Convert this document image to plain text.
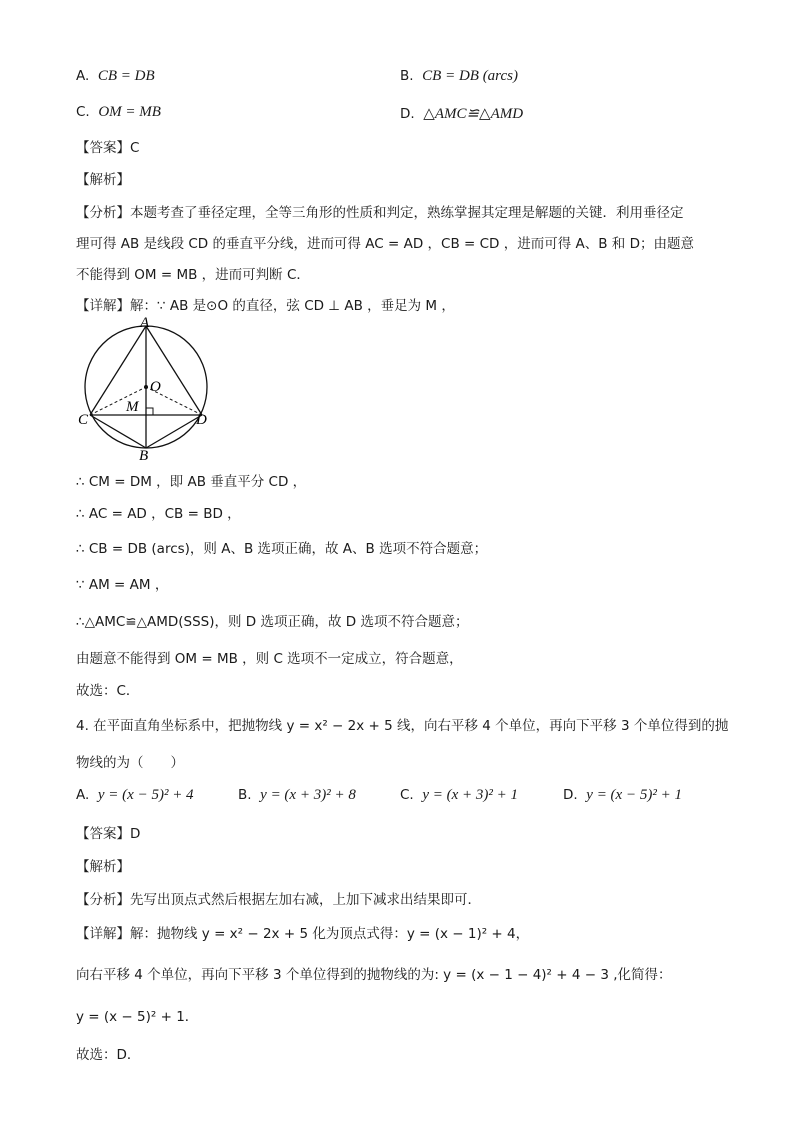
A. CB = DB	B. CB = DB (arcs)
C. OM = MB	D. △AMC≌△AMD
【答案】C
【解析】
【分析】本题考查了垂径定理，全等三角形的性质和判定，熟练掌握其定理是解题的关键．利用垂径定
理可得 AB 是线段 CD 的垂直平分线，进而可得 AC = AD ，CB = CD ，进而可得 A、B 和 D；由题意
不能得到 OM = MB ，进而可判断 C．
【详解】解：∵ AB 是⊙O 的直径，弦 CD ⊥ AB ，垂足为 M ，
A
O
M
C	D
B
∴ CM = DM ，即 AB 垂直平分 CD ，
∴ AC = AD ，CB = BD ，
∴ CB = DB (arcs)，则 A、B 选项正确，故 A、B 选项不符合题意；
∵ AM = AM ，
∴△AMC≌△AMD(SSS)，则 D 选项正确，故 D 选项不符合题意；
由题意不能得到 OM = MB ，则 C 选项不一定成立，符合题意，
故选：C．
4. 在平面直角坐标系中，把抛物线 y = x² − 2x + 5 线，向右平移 4 个单位，再向下平移 3 个单位得到的抛
物线的为（　　）
A. y = (x − 5)² + 4	B. y = (x + 3)² + 8	C. y = (x + 3)² + 1	D. y = (x − 5)² + 1
【答案】D
【解析】
【分析】先写出顶点式然后根据左加右减，上加下减求出结果即可．
【详解】解：抛物线 y = x² − 2x + 5 化为顶点式得：y = (x − 1)² + 4，
向右平移 4 个单位，再向下平移 3 个单位得到的抛物线的为: y = (x − 1 − 4)² + 4 − 3 ,化简得：
y = (x − 5)² + 1．
故选：D．
